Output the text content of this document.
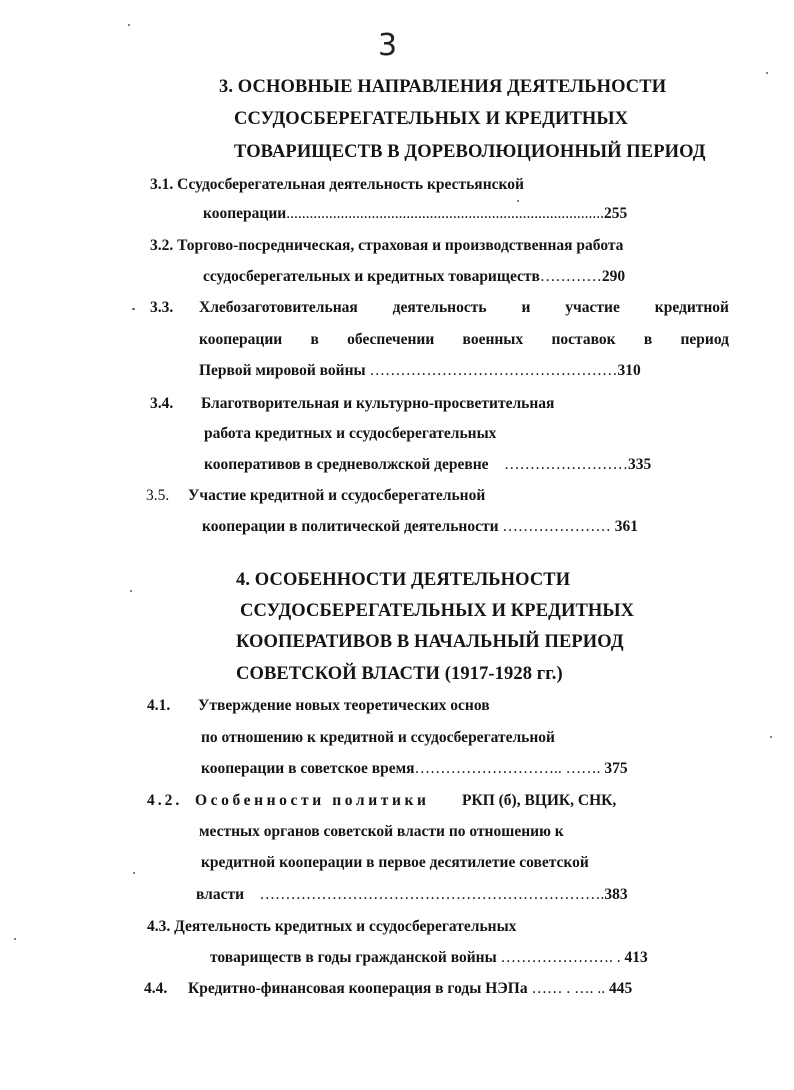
3
3. ОСНОВНЫЕ НАПРАВЛЕНИЯ ДЕЯТЕЛЬНОСТИ
ССУДОСБЕРЕГАТЕЛЬНЫХ И КРЕДИТНЫХ
ТОВАРИЩЕСТВ В ДОРЕВОЛЮЦИОННЫЙ ПЕРИОД
3.1. Ссудосберегательная деятельность крестьянской
кооперации..................................................................................255
3.2. Торгово-посредническая, страховая и производственная работа
ссудосберегательных и кредитных товариществ…………290
3.3. Хлебозаготовительная деятельность и участие кредитной
кооперации в обеспечении военных поставок в период
Первой мировой войны …………………………………………310
3.4. Благотворительная и культурно-просветительная
работа кредитных и ссудосберегательных
кооперативов в средневолжской деревне ……………………335
3.5. Участие кредитной и ссудосберегательной
кооперации в политической деятельности ………………… 361
4. ОСОБЕННОСТИ ДЕЯТЕЛЬНОСТИ
ССУДОСБЕРЕГАТЕЛЬНЫХ И КРЕДИТНЫХ
КООПЕРАТИВОВ В НАЧАЛЬНЫЙ ПЕРИОД
СОВЕТСКОЙ ВЛАСТИ (1917-1928 гг.)
4.1. Утверждение новых теоретических основ
по отношению к кредитной и ссудосберегательной
кооперации в советское время……………………….. ……. 375
4.2. Особенности политики РКП (б), ВЦИК, СНК,
местных органов советской власти по отношению к
кредитной кооперации в первое десятилетие советской
власти ………………………………………………………….383
4.3. Деятельность кредитных и ссудосберегательных
товариществ в годы гражданской войны …………………. . 413
4.4. Кредитно-финансовая кооперация в годы НЭПа …… . …. .. 445
